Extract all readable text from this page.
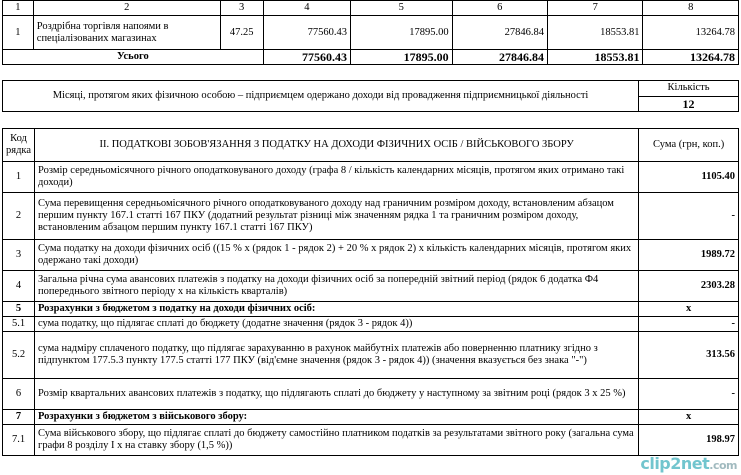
1	2	3	4	5	6	7	8
1	Роздрібна торгівля напоями в спеціалізованих магазинах	47.25	77560.43	17895.00	27846.84	18553.81	13264.78
Усього			77560.43	17895.00	27846.84	18553.81	13264.78
Місяці, протягом яких фізичною особою – підприємцем одержано доходи від провадження підприємницької діяльності	Кількість
12
Код рядка	II. ПОДАТКОВІ ЗОБОВ'ЯЗАННЯ З ПОДАТКУ НА ДОХОДИ ФІЗИЧНИХ ОСІБ / ВІЙСЬКОВОГО ЗБОРУ	Сума (грн, коп.)
1	Розмір середньомісячного річного оподатковуваного доходу (графа 8 / кількість календарних місяців, протягом яких отримано такі доходи)	1105.40
2	Сума перевищення середньомісячного річного оподатковуваного доходу над граничним розміром доходу, встановленим абзацом першим пункту 167.1 статті 167 ПКУ (додатний результат різниці між значенням рядка 1 та граничним розміром доходу, встановленим абзацом першим пункту 167.1 статті 167 ПКУ)	-
3	Сума податку на доходи фізичних осіб ((15 % х (рядок 1 - рядок 2) + 20 % х рядок 2) х кількість календарних місяців, протягом яких одержано такі доходи)	1989.72
4	Загальна річна сума авансових платежів з податку на доходи фізичних осіб за попередній звітний період (рядок 6 додатка Ф4 попереднього звітного періоду х на кількість кварталів)	2303.28
5	Розрахунки з бюджетом з податку на доходи фізичних осіб:	х
5.1	сума податку, що підлягає сплаті до бюджету (додатне значення (рядок 3 - рядок 4))	-
5.2	сума надміру сплаченого податку, що підлягає зарахуванню в рахунок майбутніх платежів або поверненню платнику згідно з підпунктом 177.5.3 пункту 177.5 статті 177 ПКУ (від'ємне значення (рядок 3 - рядок 4)) (значення вказується без знака "-")	313.56
6	Розмір квартальних авансових платежів з податку, що підлягають сплаті до бюджету у наступному за звітним році (рядок 3 х 25 %)	-
7	Розрахунки з бюджетом з військового збору:	х
7.1	Сума військового збору, що підлягає сплаті до бюджету самостійно платником податків за результатами звітного року (загальна сума графи 8 розділу І х на ставку збору (1,5 %))	198.97
clip2net.com
